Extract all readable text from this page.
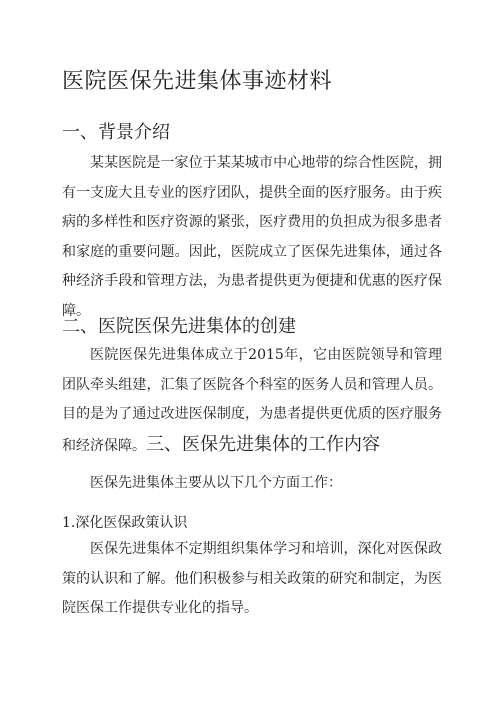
医院医保先进集体事迹材料
一、背景介绍

某某医院是一家位于某某城市中心地带的综合性医院，拥有一支庞大且专业的医疗团队，提供全面的医疗服务。由于疾病的多样性和医疗资源的紧张，医疗费用的负担成为很多患者和家庭的重要问题。因此，医院成立了医保先进集体，通过各种经济手段和管理方法，为患者提供更为便捷和优惠的医疗保障。

二、医院医保先进集体的创建

医院医保先进集体成立于2015年，它由医院领导和管理团队牵头组建，汇集了医院各个科室的医务人员和管理人员。目的是为了通过改进医保制度，为患者提供更优质的医疗服务和经济保障。三、医保先进集体的工作内容

医保先进集体主要从以下几个方面工作：

1.深化医保政策认识

医保先进集体不定期组织集体学习和培训，深化对医保政策的认识和了解。他们积极参与相关政策的研究和制定，为医院医保工作提供专业化的指导。
